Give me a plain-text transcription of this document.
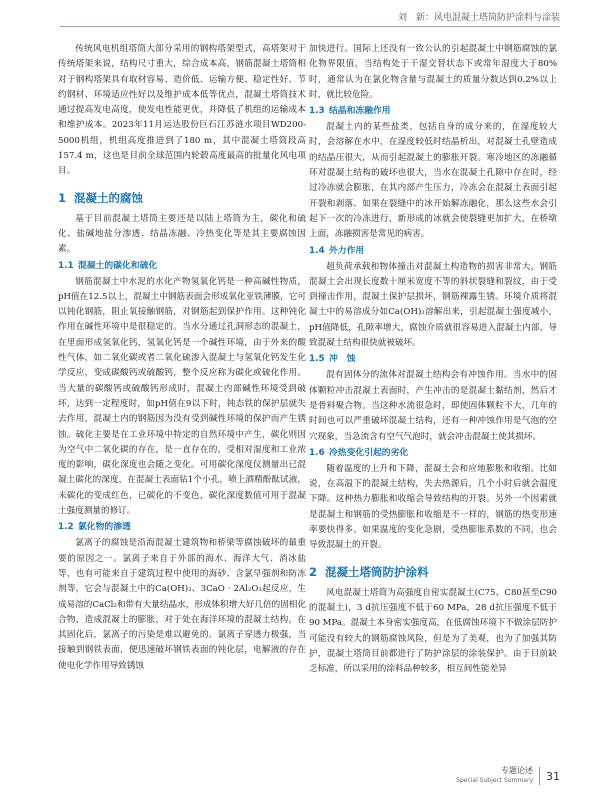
刘　新：风电混凝土塔筒防护涂料与涂装

传统风电机组塔筒大部分采用的钢构塔架型式，高塔架对于传统塔架来说，结构尺寸重大，综合成本高，钢筋混凝土塔筒相对于钢构塔架具有取材容易、造价低、运输方便、稳定性好、节约钢材、环境适应性好以及维护成本低等优点，混凝土塔筒技术通过提高发电高度，使发电性能更优，并降低了机组的运输成本和维护成本。2023年11月运达股份巨石江苏涟水项目WD200-5000机组，机组高度推进到了180 m，其中混凝土塔筒段高157.4 m，这也是目前全球范围内轮毂高度最高的批量化风电项目。

1 混凝土的腐蚀

基于目前混凝土塔筒主要还是以陆上塔筒为主，碳化和硫化、盐碱地盐分渗透、结晶冻融、冷热变化等是其主要腐蚀因素。

1.1 混凝土的碳化和硫化

钢筋混凝土中水泥的水化产物氢氧化钙是一种高碱性物质，pH值在12.5以上，混凝土中钢筋表面会形成氧化亚铁薄膜，它可以钝化钢筋，阻止氧接触钢筋，对钢筋起到保护作用。这种钝化作用在碱性环境中是很稳定的。当水分通过孔洞形态的混凝土，在里面形成氢氧化钙，氢氧化钙是一个碱性环境，由于外来的酸性气体，如二氧化碳或者二氧化硫渗入混凝土与氢氧化钙发生化学反应，变成碳酸钙或硫酸钙，整个反应称为碳化或硫化作用。当大量的碳酸钙或硫酸钙形成时，混凝土内部碱性环境受到破坏，达到一定程度时，如pH值在9以下时，钝态铁的保护层就失去作用，混凝土内的钢筋因为没有受到碱性环境的保护而产生锈蚀。硫化主要是在工业环境中特定的自然环境中产生，碳化则因为空气中二氧化碳的存在，是一直存在的，受相对湿度和工业浓度的影响，碳化深度也会随之变化。可用碳化深度仪测量出已混凝土碳化的深度，在混凝土表面钻1个小孔，喷上酒精酚酞试液，未碳化的变成红色，已碳化的不变色，碳化深度数值可用于混凝土强度测量的修订。

1.2 氯化物的渗透

氯离子的腐蚀是沿海混凝土建筑物和桥梁等腐蚀破坏的最重要的原因之一。氯离子来自于外部的海水、海洋大气、消冰盐等，也有可能来自于建筑过程中使用的海砂、含氯早强剂和防冻剂等，它会与混凝土中的Ca(OH)₂、3CaO · 2Al₂O₃起反应，生成易溶的CaCl₂和带有大量结晶水，形成体积增大好几倍的固相化合物，造成混凝土的膨胀，对于处在海洋环境的混凝土结构，在其固化后，氯离子的污染是难以避免的。氯离子穿透力极强，当接触到钢铁表面，便迅速破坏钢铁表面的钝化层，电解液的存在使电化学作用导致锈蚀

加快进行。国际上还没有一致公认的引起混凝土中钢筋腐蚀的氯化物界限值，当结构处于干湿交替状态下或常年湿度大于80%时，通常认为在氯化物含量与混凝土的质量分数达到0.2%以上时，就比较危险。

1.3 结晶和冻融作用

混凝土内的某些盐类，包括自身的成分来的，在湿度较大时，会溶解在水中，在湿度较低时结晶析出，对混凝土孔壁造成的结晶压很大，从而引起混凝土的膨胀开裂。寒冷地区的冻融循环对混凝土结构的破坏也很大，当水在混凝土孔隙中存在时，经过冷冻就会膨胀，在其内部产生压力，冷冻会在混凝土表面引起开裂和剥落。如果在裂缝中的冰开始解冻融化，那么这些水会引起下一次的冷冻进行，新形成的冰就会使裂缝更加扩大，在桥墩上面，冻融损害是常见的病害。

1.4 外力作用

超负荷承载和物体撞击对混凝土构造物的损害非常大，钢筋混凝土会出现长度数十厘米宽度不等的斜状裂缝和裂纹，由于受到撞击作用，混凝土保护层损坏，钢筋裸露生锈。环境介质将混凝土中的易溶成分如Ca(OH)₂溶解出来，引起混凝土强度减小，pH值降低，孔隙率增大，腐蚀介质就很容易进入混凝土内部，导致混凝土结构很快就被破坏。

1.5 冲　蚀

混有固体分的流体对混凝土结构会有冲蚀作用。当水中的固体颗粒冲击混凝土表面时，产生冲击的是混凝土黏结剂，然后才是骨料聚合物。当这种水流很急时，即使固体颗粒不大，几年的时间也可以严重破坏混凝土结构，还有一种冲蚀作用是气泡的空穴现象，当急流含有空气气泡时，就会冲击混凝土使其损坏。

1.6 冷热变化引起的劣化

随着温度的上升和下降，混凝土会和应地膨胀和收缩。比如说，在高温下的混凝土结构，失去热源后，几个小时后就会温度下降。这种热力膨胀和收缩会导致结构的开裂。另外一个因素就是混凝土和钢筋的受热膨胀和收缩是不一样的，钢筋的热变形速率要快得多。如果温度的变化急剧，受热膨胀系数的不同，也会导致混凝土的开裂。

2 混凝土塔筒防护涂料

风电混凝土塔筒为高强度自密实混凝土(C75、C80甚至C90的混凝土)，3 d抗压强度不低于60 MPa，28 d抗压强度不低于90 MPa。混凝土本身密实强度高，在低腐蚀环境下不做涂层防护可能没有较大的钢筋腐蚀风险，但是为了美观，也为了加强其防护，混凝土塔筒目前都进行了防护涂层的涂装保护。由于目前缺乏标准，所以采用的涂料品种较多，相互间性能差异

专题论述
Special Subject Summary 31
